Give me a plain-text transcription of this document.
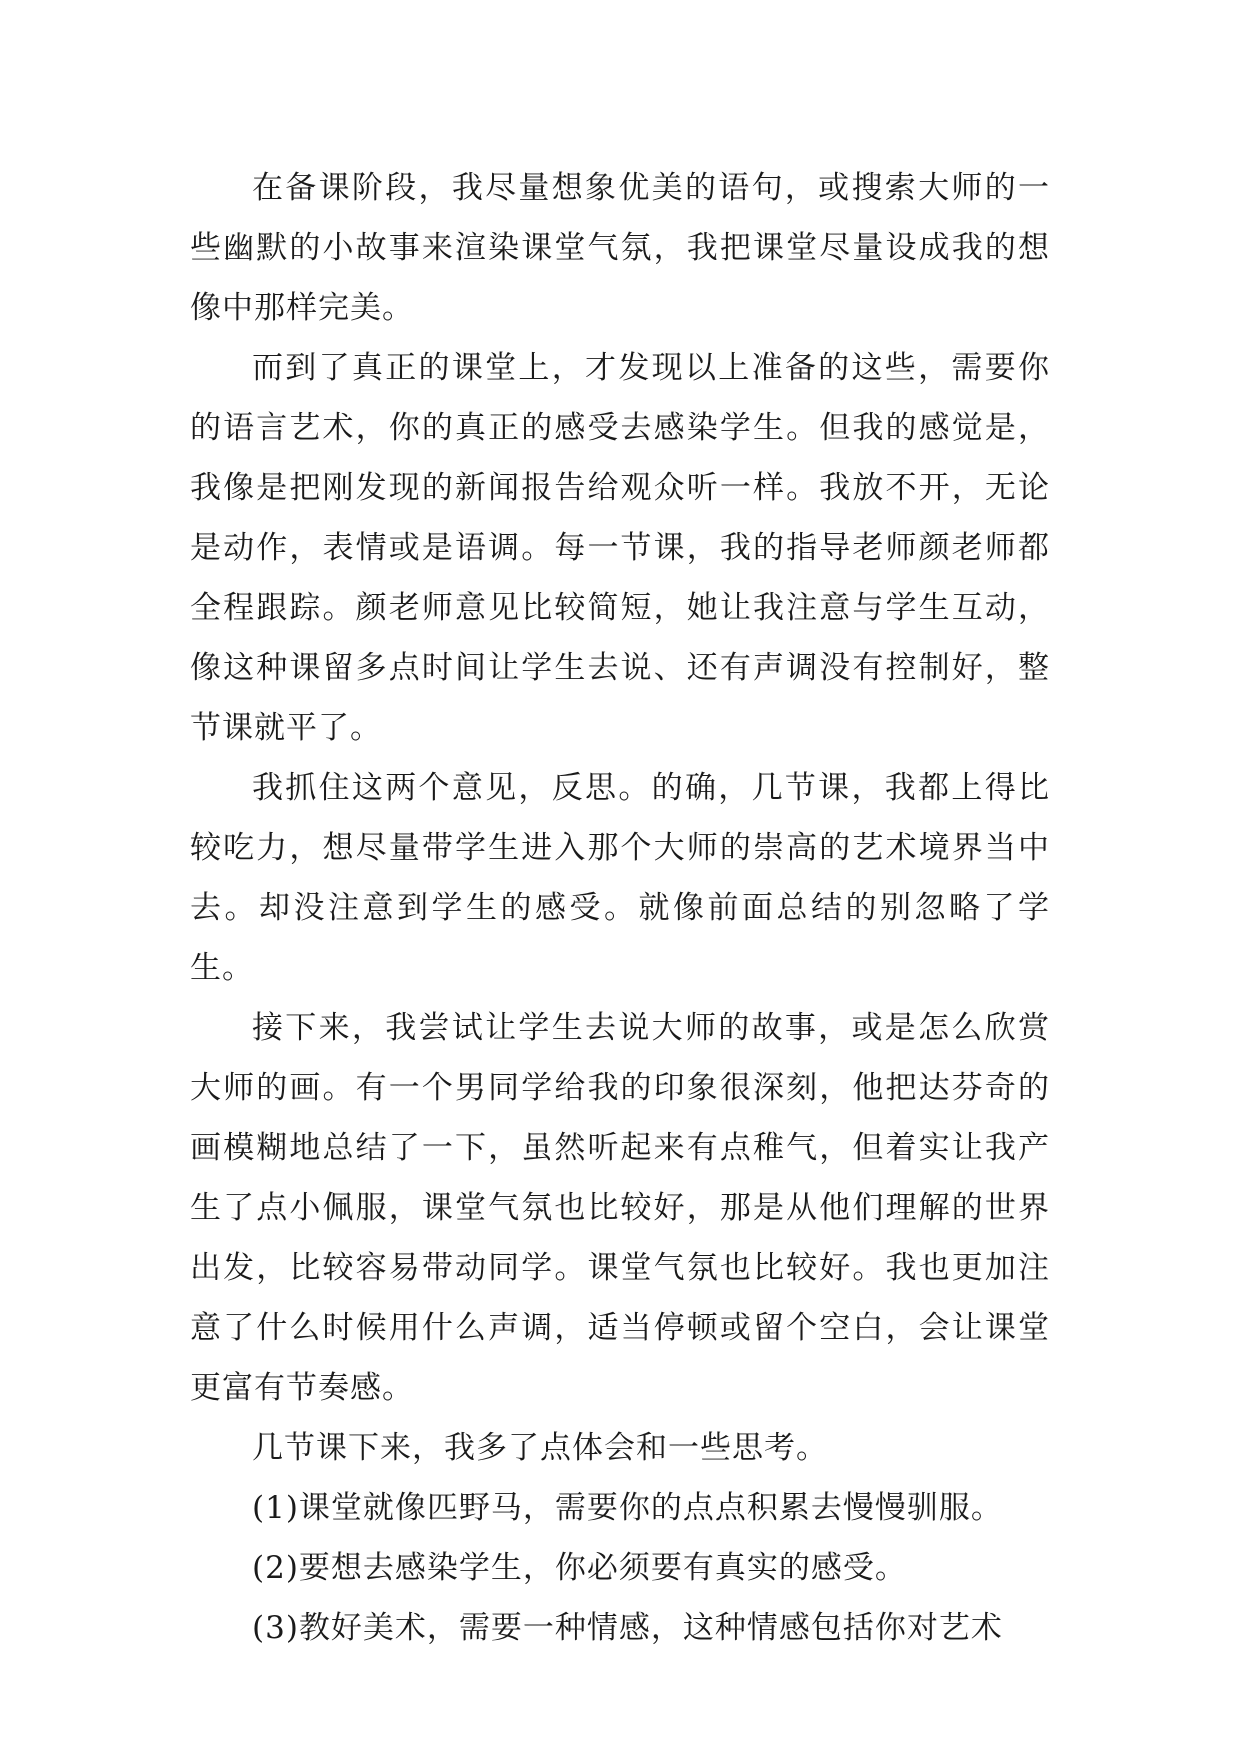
在备课阶段，我尽量想象优美的语句，或搜索大师的一些幽默的小故事来渲染课堂气氛，我把课堂尽量设成我的想像中那样完美。

而到了真正的课堂上，才发现以上准备的这些，需要你的语言艺术，你的真正的感受去感染学生。但我的感觉是，我像是把刚发现的新闻报告给观众听一样。我放不开，无论是动作，表情或是语调。每一节课，我的指导老师颜老师都全程跟踪。颜老师意见比较简短，她让我注意与学生互动，像这种课留多点时间让学生去说、还有声调没有控制好，整节课就平了。

我抓住这两个意见，反思。的确，几节课，我都上得比较吃力，想尽量带学生进入那个大师的崇高的艺术境界当中去。却没注意到学生的感受。就像前面总结的别忽略了学生。

接下来，我尝试让学生去说大师的故事，或是怎么欣赏大师的画。有一个男同学给我的印象很深刻，他把达芬奇的画模糊地总结了一下，虽然听起来有点稚气，但着实让我产生了点小佩服，课堂气氛也比较好，那是从他们理解的世界出发，比较容易带动同学。课堂气氛也比较好。我也更加注意了什么时候用什么声调，适当停顿或留个空白，会让课堂更富有节奏感。

几节课下来，我多了点体会和一些思考。

(1)课堂就像匹野马，需要你的点点积累去慢慢驯服。

(2)要想去感染学生，你必须要有真实的感受。

(3)教好美术，需要一种情感，这种情感包括你对艺术
